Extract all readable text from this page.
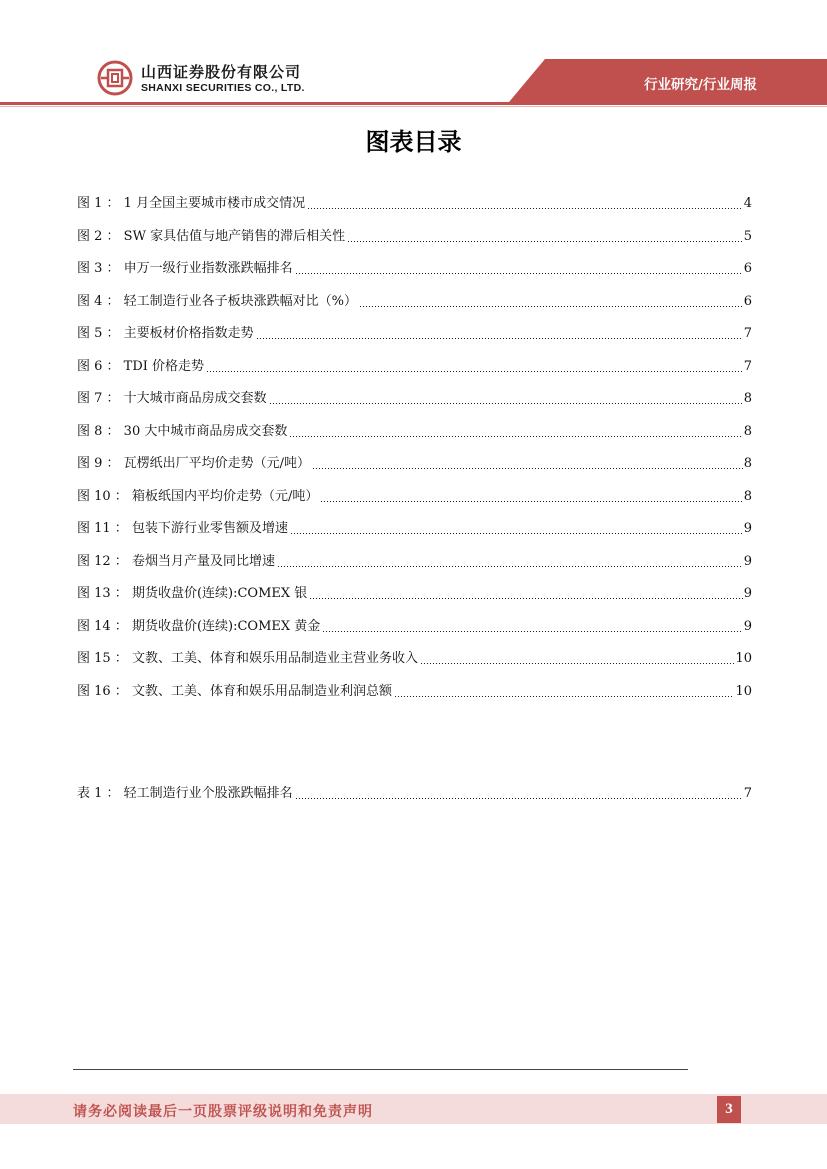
山西证券股份有限公司
SHANXI SECURITIES CO., LTD.	行业研究/行业周报
图表目录
图 1 ： 1 月全国主要城市楼市成交情况	4
图 2 ： SW 家具估值与地产销售的滞后相关性	5
图 3 ： 申万一级行业指数涨跌幅排名	6
图 4 ： 轻工制造行业各子板块涨跌幅对比（%）	6
图 5 ： 主要板材价格指数走势	7
图 6 ： TDI 价格走势	7
图 7 ： 十大城市商品房成交套数	8
图 8 ： 30 大中城市商品房成交套数	8
图 9 ： 瓦楞纸出厂平均价走势（元/吨）	8
图 10 ： 箱板纸国内平均价走势（元/吨）	8
图 11 ： 包装下游行业零售额及增速	9
图 12 ： 卷烟当月产量及同比增速	9
图 13 ： 期货收盘价(连续):COMEX 银	9
图 14 ： 期货收盘价(连续):COMEX 黄金	9
图 15 ： 文教、工美、体育和娱乐用品制造业主营业务收入	10
图 16 ： 文教、工美、体育和娱乐用品制造业利润总额	10
表 1 ： 轻工制造行业个股涨跌幅排名	7
请务必阅读最后一页股票评级说明和免责声明	3
